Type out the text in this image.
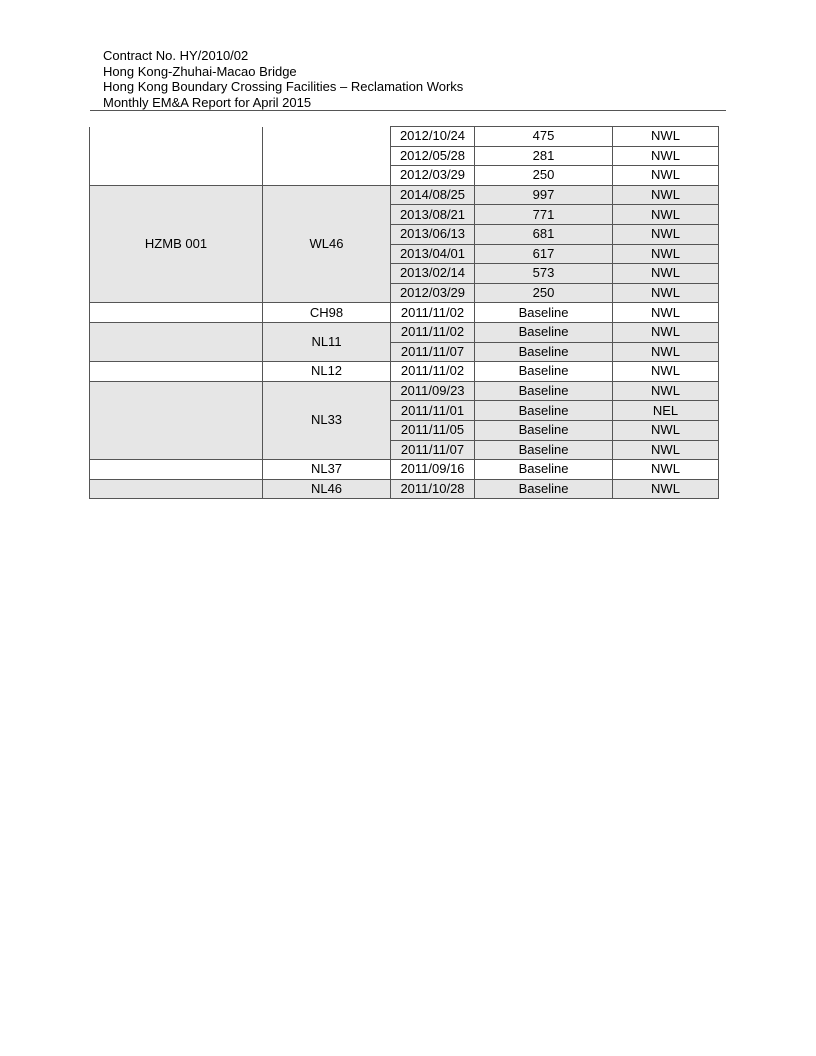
Contract No. HY/2010/02
Hong Kong-Zhuhai-Macao Bridge
Hong Kong Boundary Crossing Facilities – Reclamation Works
Monthly EM&A Report for April 2015
		2012/10/24	475	NWL
		2012/05/28	281	NWL
		2012/03/29	250	NWL
HZMB 001	WL46	2014/08/25	997	NWL
		2013/08/21	771	NWL
		2013/06/13	681	NWL
		2013/04/01	617	NWL
		2013/02/14	573	NWL
		2012/03/29	250	NWL
	CH98	2011/11/02	Baseline	NWL
	NL11	2011/11/02	Baseline	NWL
		2011/11/07	Baseline	NWL
	NL12	2011/11/02	Baseline	NWL
	NL33	2011/09/23	Baseline	NWL
		2011/11/01	Baseline	NEL
		2011/11/05	Baseline	NWL
		2011/11/07	Baseline	NWL
	NL37	2011/09/16	Baseline	NWL
	NL46	2011/10/28	Baseline	NWL
